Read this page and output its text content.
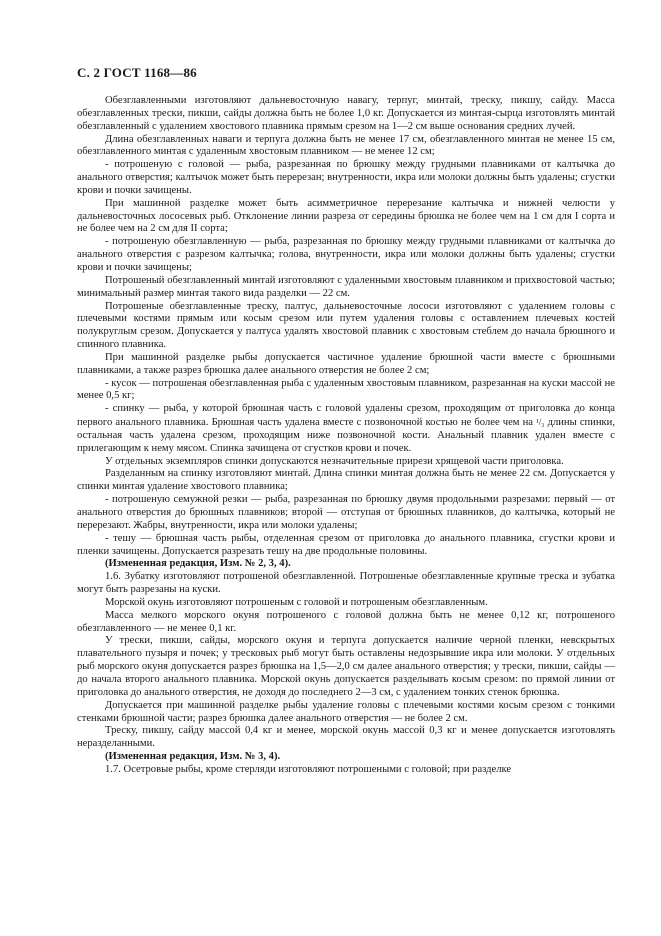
С. 2 ГОСТ 1168—86

Обезглавленными изготовляют дальневосточную навагу, терпуг, минтай, треску, пикшу, сайду. Масса обезглавленных трески, пикши, сайды должна быть не более 1,0 кг. Допускается из минтая-сырца изготовлять минтай обезглавленный с удалением хвостового плавника прямым срезом на 1—2 см выше основания средних лучей.

Длина обезглавленных наваги и терпуга должна быть не менее 17 см, обезглавленного минтая не менее 15 см, обезглавленного минтая с удаленным хвостовым плавником — не менее 12 см;

- потрошеную с головой — рыба, разрезанная по брюшку между грудными плавниками от калтычка до анального отверстия; калтычок может быть перерезан; внутренности, икра или молоки должны быть удалены; сгустки крови и почки зачищены.

При машинной разделке может быть асимметричное перерезание калтычка и нижней челюсти у дальневосточных лососевых рыб. Отклонение линии разреза от середины брюшка не более чем на 1 см для I сорта и не более чем на 2 см для II сорта;

- потрошеную обезглавленную — рыба, разрезанная по брюшку между грудными плавниками от калтычка до анального отверстия с разрезом калтычка; голова, внутренности, икра или молоки должны быть удалены; сгустки крови и почки зачищены;

Потрошеный обезглавленный минтай изготовляют с удаленными хвостовым плавником и прихвостовой частью; минимальный размер минтая такого вида разделки — 22 см.

Потрошеные обезглавленные треску, палтус, дальневосточные лососи изготовляют с удалением головы с плечевыми костями прямым или косым срезом или путем удаления головы с оставлением плечевых костей полукруглым срезом. Допускается у палтуса удалять хвостовой плавник с хвостовым стеблем до начала брюшного и спинного плавника.

При машинной разделке рыбы допускается частичное удаление брюшной части вместе с брюшными плавниками, а также разрез брюшка далее анального отверстия не более 2 см;

- кусок — потрошеная обезглавленная рыба с удаленным хвостовым плавником, разрезанная на куски массой не менее 0,5 кг;

- спинку — рыба, у которой брюшная часть с головой удалены срезом, проходящим от приголовка до конца первого анального плавника. Брюшная часть удалена вместе с позвоночной костью не более чем на ¹/₃ длины спинки, остальная часть удалена срезом, проходящим ниже позвоночной кости. Анальный плавник удален вместе с прилегающим к нему мясом. Спинка зачищена от сгустков крови и почек.

У отдельных экземпляров спинки допускаются незначительные прирези хрящевой части приголовка.

Разделанным на спинку изготовляют минтай. Длина спинки минтая должна быть не менее 22 см. Допускается у спинки минтая удаление хвостового плавника;

- потрошеную семужной резки — рыба, разрезанная по брюшку двумя продольными разрезами: первый — от анального отверстия до брюшных плавников; второй — отступая от брюшных плавников, до калтычка, который не перерезают. Жабры, внутренности, икра или молоки удалены;

- тешу — брюшная часть рыбы, отделенная срезом от приголовка до анального плавника, сгустки крови и пленки зачищены. Допускается разрезать тешу на две продольные половины.

(Измененная редакция, Изм. № 2, 3, 4).

1.6. Зубатку изготовляют потрошеной обезглавленной. Потрошеные обезглавленные крупные треска и зубатка могут быть разрезаны на куски.

Морской окунь изготовляют потрошеным с головой и потрошеным обезглавленным.

Масса мелкого морского окуня потрошеного с головой должна быть не менее 0,12 кг, потрошеного обезглавленного — не менее 0,1 кг.

У трески, пикши, сайды, морского окуня и терпуга допускается наличие черной пленки, невскрытых плавательного пузыря и почек; у тресковых рыб могут быть оставлены недозрывшие икра или молоки. У отдельных рыб морского окуня допускается разрез брюшка на 1,5—2,0 см далее анального отверстия; у трески, пикши, сайды — до начала второго анального плавника. Морской окунь допускается разделывать косым срезом: по прямой линии от приголовка до анального отверстия, не доходя до последнего 2—3 см, с удалением тонких стенок брюшка.

Допускается при машинной разделке рыбы удаление головы с плечевыми костями косым срезом с тонкими стенками брюшной части; разрез брюшка далее анального отверстия — не более 2 см.

Треску, пикшу, сайду массой 0,4 кг и менее, морской окунь массой 0,3 кг и менее допускается изготовлять неразделанными.

(Измененная редакция, Изм. № 3, 4).

1.7. Осетровые рыбы, кроме стерляди изготовляют потрошеными с головой; при разделке
